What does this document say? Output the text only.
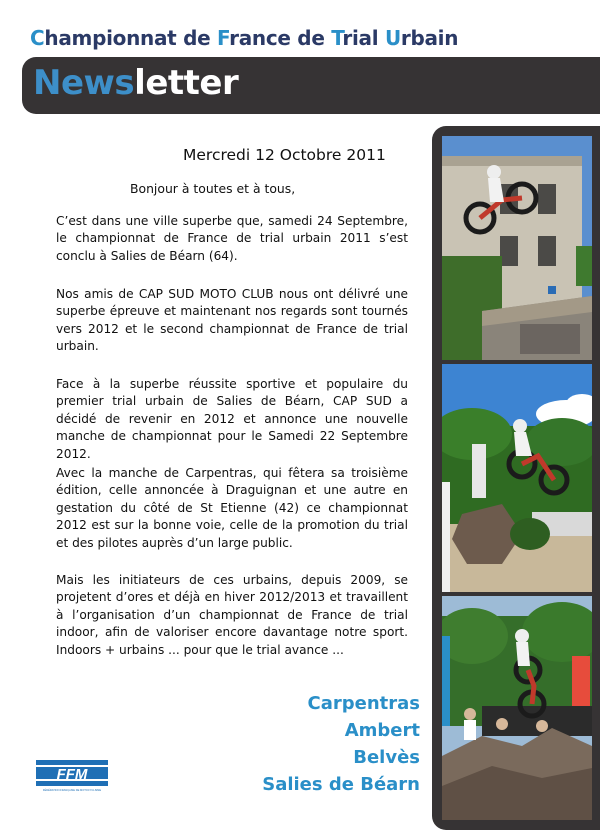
Championnat de France de Trial Urbain
Newsletter
Mercredi 12 Octobre 2011
Bonjour à toutes et à tous,

C’est dans une ville superbe que, samedi 24 Septembre, le championnat de France de trial urbain 2011 s’est conclu à Salies de Béarn (64).

Nos amis de CAP SUD MOTO CLUB nous ont délivré une superbe épreuve et maintenant nos regards sont tournés vers 2012 et le second championnat de France de trial urbain.

Face à la superbe réussite sportive et populaire du premier trial urbain de Salies de Béarn, CAP SUD a décidé de revenir en 2012 et annonce une nouvelle manche de championnat pour le Samedi 22 Septembre 2012.

Avec la manche de Carpentras, qui fêtera sa troisième édition, celle annoncée à Draguignan et une autre en gestation du côté de St Etienne (42) ce championnat 2012 est sur la bonne voie, celle de la promotion du trial et des pilotes auprès d’un large public.

Mais les initiateurs de ces urbains, depuis 2009, se projetent d’ores et déjà en hiver 2012/2013 et travaillent à l’organisation d’un championnat de France de trial indoor, afin de valoriser encore davantage notre sport. Indoors + urbains ... pour que le trial avance ...

Carpentras
Ambert
Belvès
Salies de Béarn
FFM
FÉDÉRATION FRANÇAISE DE MOTOCYCLISME
